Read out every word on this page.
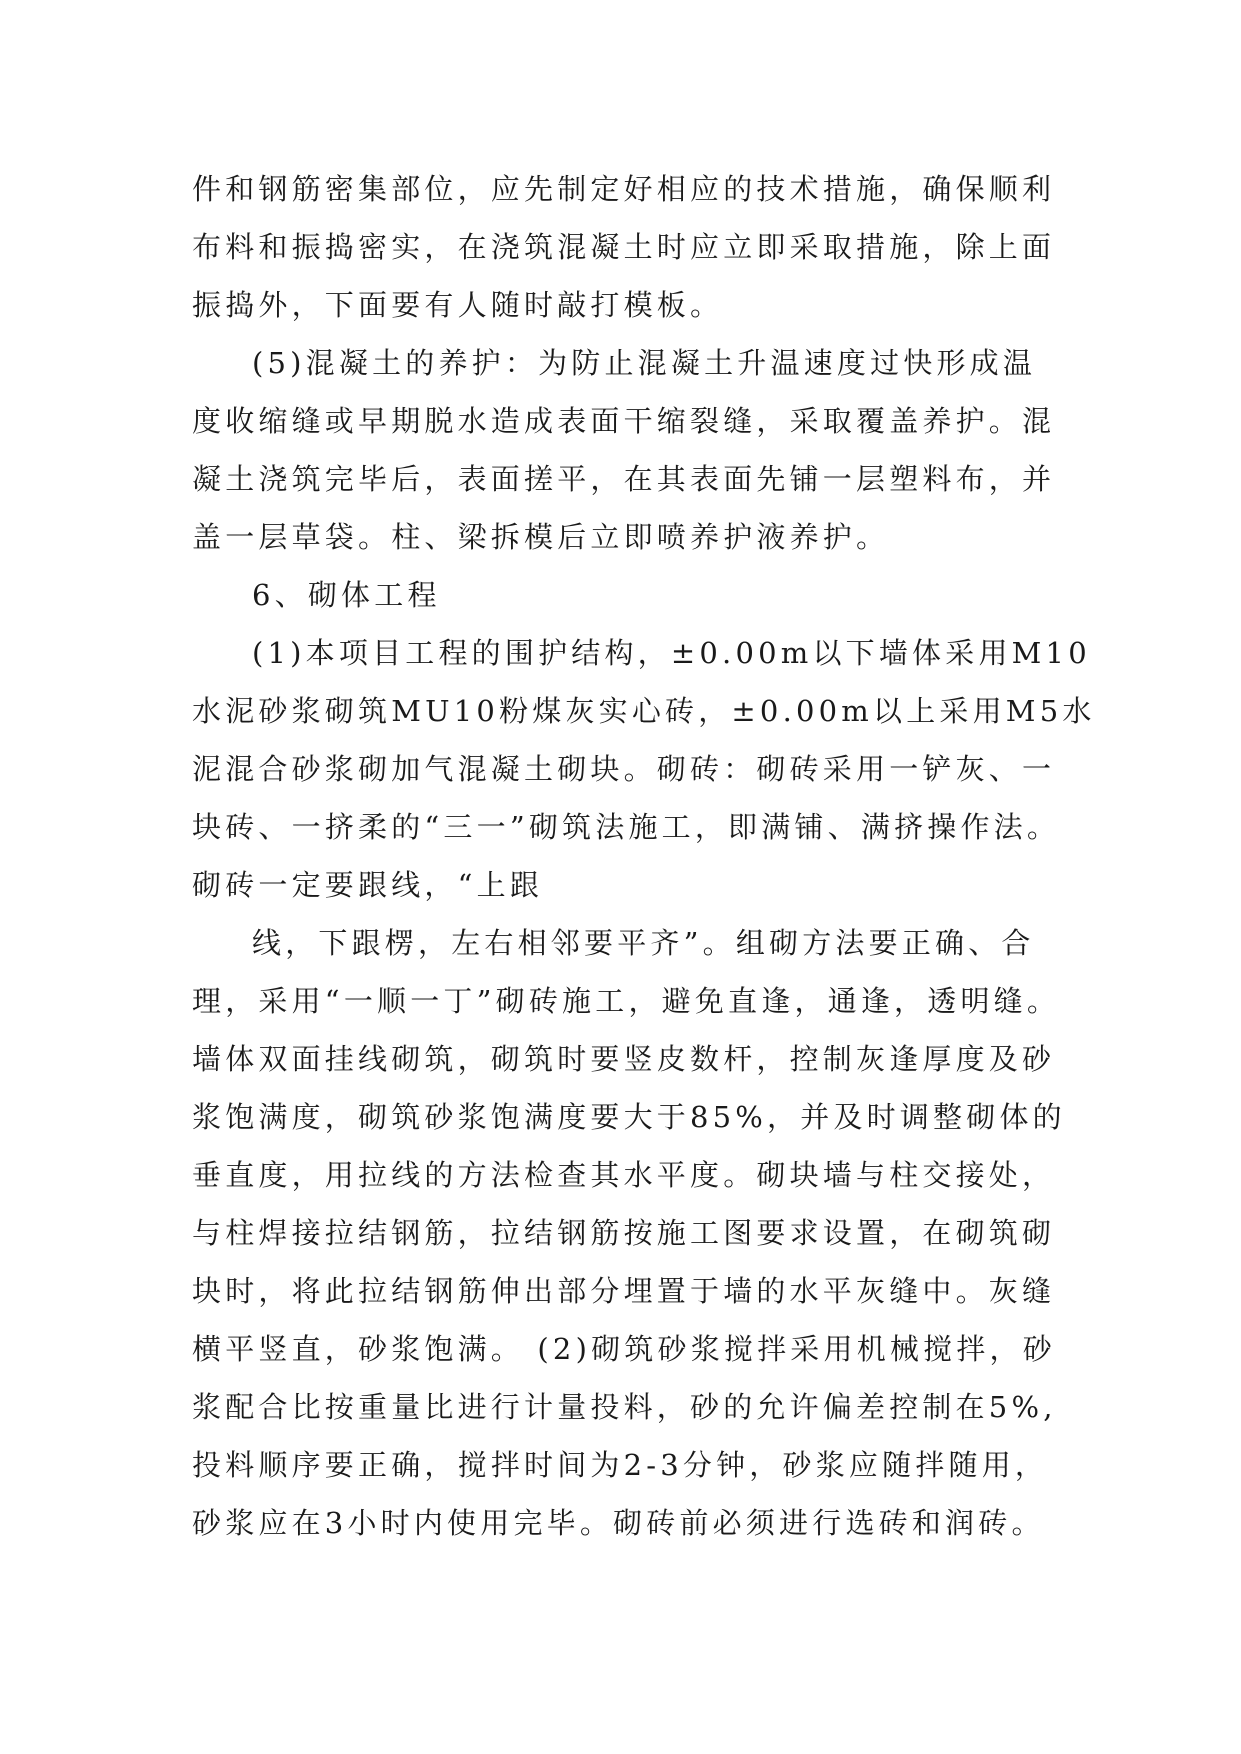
件和钢筋密集部位，应先制定好相应的技术措施，确保顺利
布料和振捣密实，在浇筑混凝土时应立即采取措施，除上面
振捣外，下面要有人随时敲打模板。
(5)混凝土的养护：为防止混凝土升温速度过快形成温
度收缩缝或早期脱水造成表面干缩裂缝，采取覆盖养护。混
凝土浇筑完毕后，表面搓平，在其表面先铺一层塑料布，并
盖一层草袋。柱、梁拆模后立即喷养护液养护。
6、砌体工程
(1)本项目工程的围护结构，±0.00m以下墙体采用M10
水泥砂浆砌筑MU10粉煤灰实心砖，±0.00m以上采用M5水
泥混合砂浆砌加气混凝土砌块。砌砖：砌砖采用一铲灰、一
块砖、一挤柔的“三一”砌筑法施工，即满铺、满挤操作法。
砌砖一定要跟线，“上跟
线，下跟楞，左右相邻要平齐”。组砌方法要正确、合
理，采用“一顺一丁”砌砖施工，避免直逢，通逢，透明缝。
墙体双面挂线砌筑，砌筑时要竖皮数杆，控制灰逢厚度及砂
浆饱满度，砌筑砂浆饱满度要大于85%，并及时调整砌体的
垂直度，用拉线的方法检查其水平度。砌块墙与柱交接处，
与柱焊接拉结钢筋，拉结钢筋按施工图要求设置，在砌筑砌
块时，将此拉结钢筋伸出部分埋置于墙的水平灰缝中。灰缝
横平竖直，砂浆饱满。 (2)砌筑砂浆搅拌采用机械搅拌，砂
浆配合比按重量比进行计量投料，砂的允许偏差控制在5%,
投料顺序要正确，搅拌时间为2-3分钟，砂浆应随拌随用，
砂浆应在3小时内使用完毕。砌砖前必须进行选砖和润砖。
